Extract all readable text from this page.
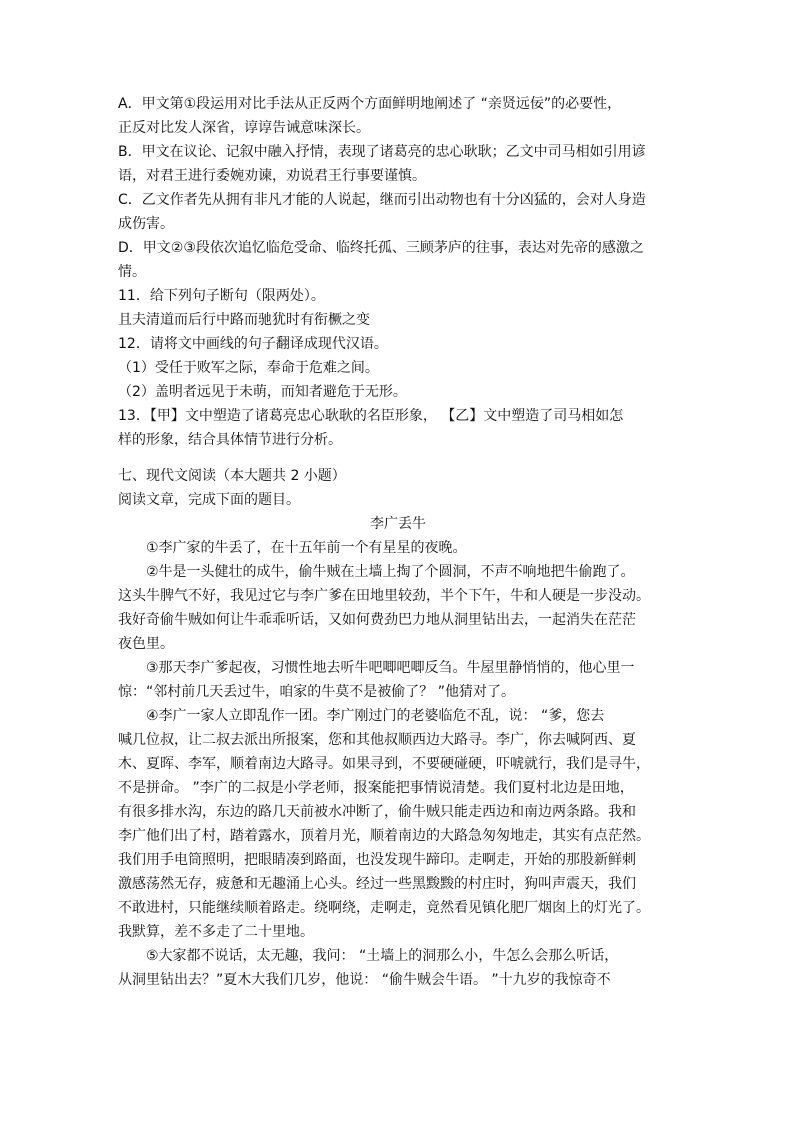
A．甲文第①段运用对比手法从正反两个方面鲜明地阐述了 “亲贤远佞”的必要性，

正反对比发人深省，谆谆告诫意味深长。

B．甲文在议论、记叙中融入抒情，表现了诸葛亮的忠心耿耿；乙文中司马相如引用谚

语，对君王进行委婉劝谏，劝说君王行事要谨慎。

C．乙文作者先从拥有非凡才能的人说起，继而引出动物也有十分凶猛的，会对人身造

成伤害。

D．甲文②③段依次追忆临危受命、临终托孤、三顾茅庐的往事，表达对先帝的感激之

情。

11．给下列句子断句（限两处）。

且夫清道而后行中路而驰犹时有衔橛之变

12．请将文中画线的句子翻译成现代汉语。

（1）受任于败军之际，奉命于危难之间。

（2）盖明者远见于未萌，而知者避危于无形。

13．【甲】文中塑造了诸葛亮忠心耿耿的名臣形象， 【乙】文中塑造了司马相如怎

样的形象，结合具体情节进行分析。

七、现代文阅读（本大题共 2 小题）

阅读文章，完成下面的题目。

李广丢牛

①李广家的牛丢了，在十五年前一个有星星的夜晚。

②牛是一头健壮的成牛，偷牛贼在土墙上掏了个圆洞，不声不响地把牛偷跑了。

这头牛脾气不好，我见过它与李广爹在田地里较劲，半个下午，牛和人硬是一步没动。

我好奇偷牛贼如何让牛乖乖听话，又如何费劲巴力地从洞里钻出去，一起消失在茫茫

夜色里。

③那天李广爹起夜，习惯性地去听牛吧唧吧唧反刍。牛屋里静悄悄的，他心里一

惊：“邻村前几天丢过牛，咱家的牛莫不是被偷了？ ”他猜对了。

④李广一家人立即乱作一团。李广刚过门的老婆临危不乱，说： “爹，您去

喊几位叔，让二叔去派出所报案，您和其他叔顺西边大路寻。李广，你去喊阿西、夏

木、夏晖、李军，顺着南边大路寻。如果寻到，不要硬碰硬，吓唬就行，我们是寻牛，

不是拼命。 ”李广的二叔是小学老师，报案能把事情说清楚。我们夏村北边是田地，

有很多排水沟，东边的路几天前被水冲断了，偷牛贼只能走西边和南边两条路。我和

李广他们出了村，踏着露水，顶着月光，顺着南边的大路急匆匆地走，其实有点茫然。

我们用手电筒照明，把眼睛凑到路面，也没发现牛蹄印。走啊走，开始的那股新鲜刺

激感荡然无存，疲惫和无趣涌上心头。经过一些黑黢黢的村庄时，狗叫声震天，我们

不敢进村，只能继续顺着路走。绕啊绕，走啊走，竟然看见镇化肥厂烟囱上的灯光了。

我默算，差不多走了二十里地。

⑤大家都不说话，太无趣，我问： “土墙上的洞那么小，牛怎么会那么听话，

从洞里钻出去？”夏木大我们几岁，他说： “偷牛贼会牛语。 ”十九岁的我惊奇不
